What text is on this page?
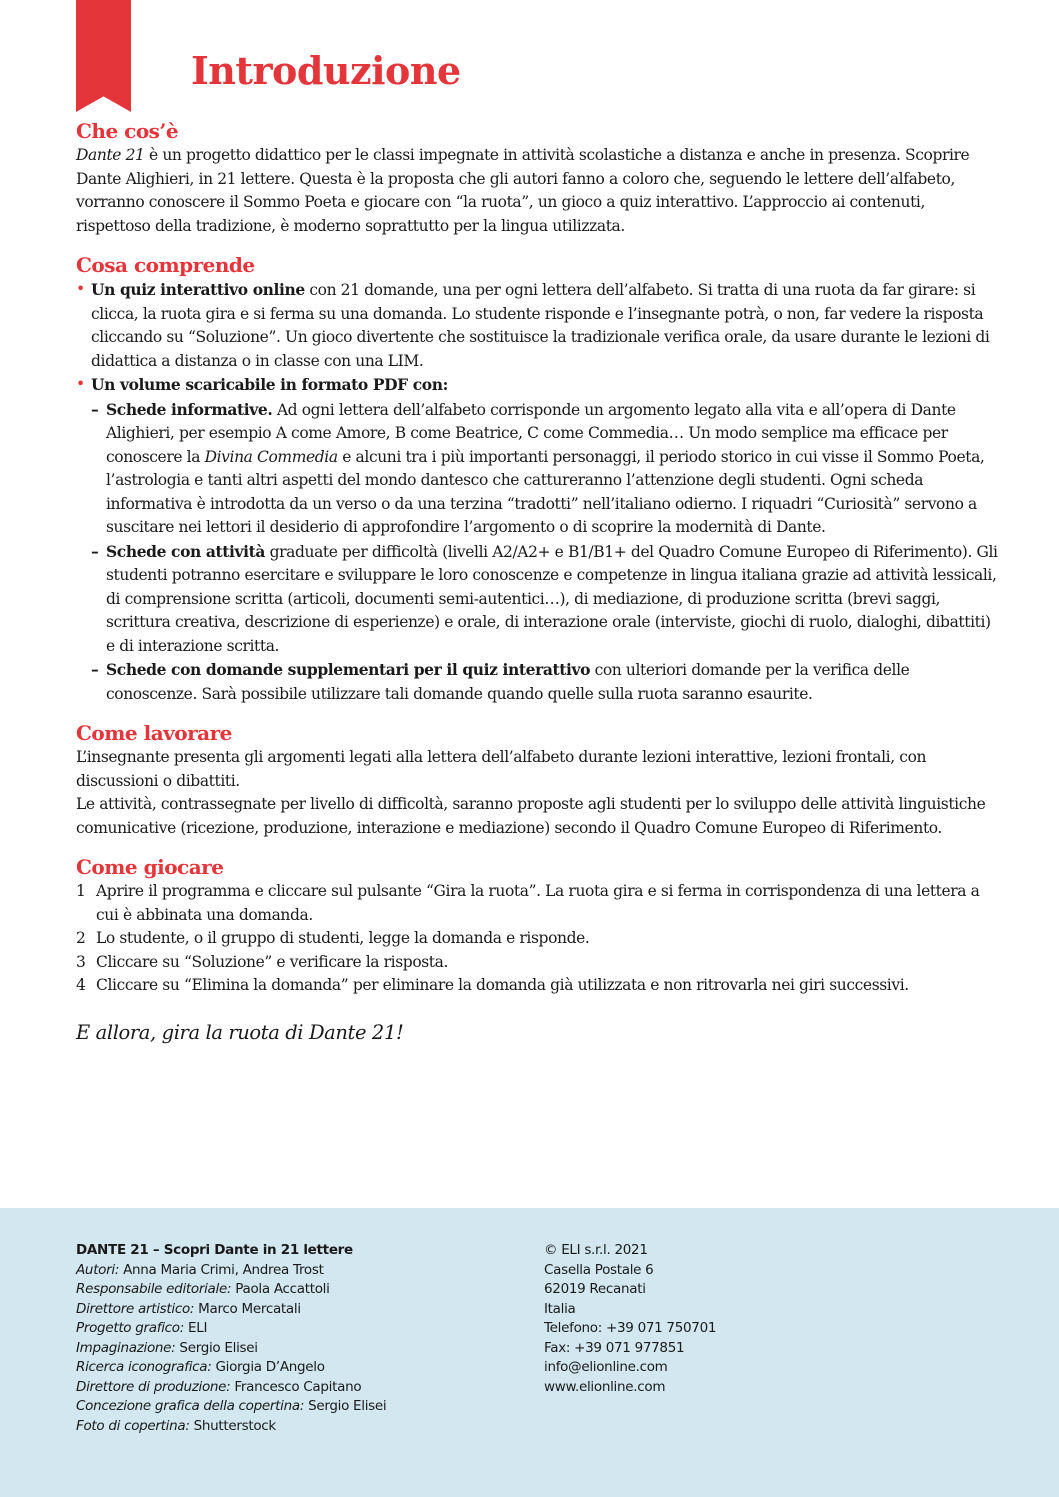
Introduzione
Che cos’è

Dante 21 è un progetto didattico per le classi impegnate in attività scolastiche a distanza e anche in presenza. Scoprire Dante Alighieri, in 21 lettere. Questa è la proposta che gli autori fanno a coloro che, seguendo le lettere dell’alfabeto, vorranno conoscere il Sommo Poeta e giocare con “la ruota”, un gioco a quiz interattivo. L’approccio ai contenuti, rispettoso della tradizione, è moderno soprattutto per la lingua utilizzata.

Cosa comprende
• Un quiz interattivo online con 21 domande, una per ogni lettera dell’alfabeto. Si tratta di una ruota da far girare: si clicca, la ruota gira e si ferma su una domanda. Lo studente risponde e l’insegnante potrà, o non, far vedere la risposta cliccando su “Soluzione”. Un gioco divertente che sostituisce la tradizionale verifica orale, da usare durante le lezioni di didattica a distanza o in classe con una LIM.
• Un volume scaricabile in formato PDF con:
– Schede informative. Ad ogni lettera dell’alfabeto corrisponde un argomento legato alla vita e all’opera di Dante Alighieri, per esempio A come Amore, B come Beatrice, C come Commedia… Un modo semplice ma efficace per conoscere la Divina Commedia e alcuni tra i più importanti personaggi, il periodo storico in cui visse il Sommo Poeta, l’astrologia e tanti altri aspetti del mondo dantesco che cattureranno l’attenzione degli studenti. Ogni scheda informativa è introdotta da un verso o da una terzina “tradotti” nell’italiano odierno. I riquadri “Curiosità” servono a suscitare nei lettori il desiderio di approfondire l’argomento o di scoprire la modernità di Dante.
– Schede con attività graduate per difficoltà (livelli A2/A2+ e B1/B1+ del Quadro Comune Europeo di Riferimento). Gli studenti potranno esercitare e sviluppare le loro conoscenze e competenze in lingua italiana grazie ad attività lessicali, di comprensione scritta (articoli, documenti semi-autentici…), di mediazione, di produzione scritta (brevi saggi, scrittura creativa, descrizione di esperienze) e orale, di interazione orale (interviste, giochi di ruolo, dialoghi, dibattiti) e di interazione scritta.
– Schede con domande supplementari per il quiz interattivo con ulteriori domande per la verifica delle conoscenze. Sarà possibile utilizzare tali domande quando quelle sulla ruota saranno esaurite.
Come lavorare

L’insegnante presenta gli argomenti legati alla lettera dell’alfabeto durante lezioni interattive, lezioni frontali, con discussioni o dibattiti.

Le attività, contrassegnate per livello di difficoltà, saranno proposte agli studenti per lo sviluppo delle attività linguistiche comunicative (ricezione, produzione, interazione e mediazione) secondo il Quadro Comune Europeo di Riferimento.

Come giocare
1 Aprire il programma e cliccare sul pulsante “Gira la ruota”. La ruota gira e si ferma in corrispondenza di una lettera a cui è abbinata una domanda.
2 Lo studente, o il gruppo di studenti, legge la domanda e risponde.
3 Cliccare su “Soluzione” e verificare la risposta.
4 Cliccare su “Elimina la domanda” per eliminare la domanda già utilizzata e non ritrovarla nei giri successivi.

E allora, gira la ruota di Dante 21!

DANTE 21 – Scopri Dante in 21 lettere
Autori: Anna Maria Crimi, Andrea Trost
Responsabile editoriale: Paola Accattoli
Direttore artistico: Marco Mercatali
Progetto grafico: ELI
Impaginazione: Sergio Elisei
Ricerca iconografica: Giorgia D’Angelo
Direttore di produzione: Francesco Capitano
Concezione grafica della copertina: Sergio Elisei
Foto di copertina: Shutterstock
© ELI s.r.l. 2021
Casella Postale 6
62019 Recanati
Italia
Telefono: +39 071 750701
Fax: +39 071 977851
info@elionline.com
www.elionline.com
